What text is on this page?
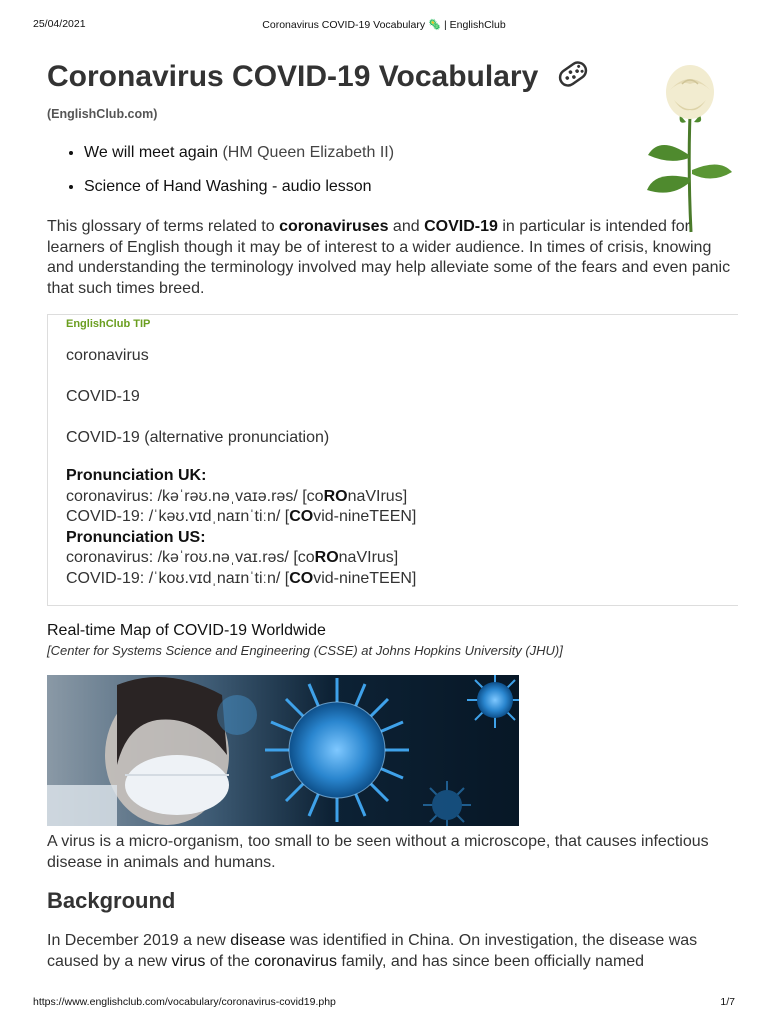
25/04/2021	Coronavirus COVID-19 Vocabulary 🦠 | EnglishClub
Coronavirus COVID-19 Vocabulary
(EnglishClub.com)
• We will meet again (HM Queen Elizabeth II)
• Science of Hand Washing - audio lesson
This glossary of terms related to coronaviruses and COVID-19 in particular is intended for learners of English though it may be of interest to a wider audience. In times of crisis, knowing and understanding the terminology involved may help alleviate some of the fears and even panic that such times breed.
EnglishClub TIP
coronavirus
COVID-19
COVID-19 (alternative pronunciation)
Pronunciation UK:
coronavirus: /kəˈrəʊ.nəˌvaɪə.rəs/ [coROnaVIrus]
COVID-19: /ˈkəʊ.vɪdˌnaɪnˈtiːn/ [COvid-nineTEEN]
Pronunciation US:
coronavirus: /kəˈroʊ.nəˌvaɪ.rəs/ [coROnaVIrus]
COVID-19: /ˈkoʊ.vɪdˌnaɪnˈtiːn/ [COvid-nineTEEN]
Real-time Map of COVID-19 Worldwide
[Center for Systems Science and Engineering (CSSE) at Johns Hopkins University (JHU)]
A virus is a micro-organism, too small to be seen without a microscope, that causes infectious disease in animals and humans.
Background
In December 2019 a new disease was identified in China. On investigation, the disease was
caused by a new virus of the coronavirus family, and has since been officially named
https://www.englishclub.com/vocabulary/coronavirus-covid19.php	1/7
